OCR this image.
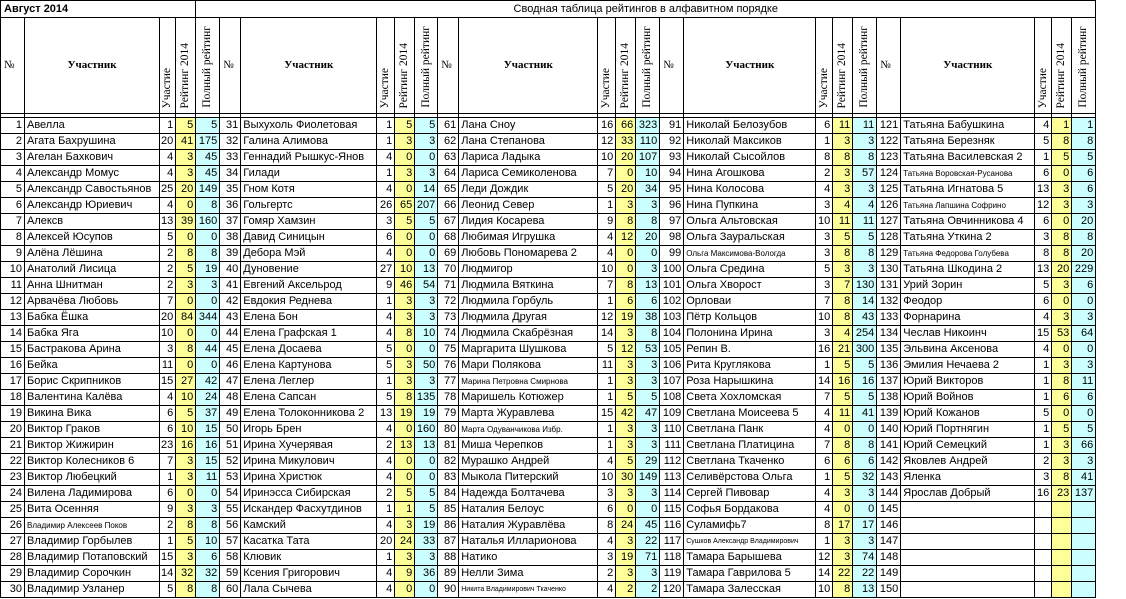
Август 2014				Сводная таблица рейтингов в алфавитном порядке																				
№	Участник	Участие	Рейтинг 2014	Полный рейтинг	№	Участник	Участие	Рейтинг 2014	Полный рейтинг	№	Участник	Участие	Рейтинг 2014	Полный рейтинг	№	Участник	Участие	Рейтинг 2014	Полный рейтинг	№	Участник	Участие	Рейтинг 2014	Полный рейтинг

1	Авелла	1	5	5	31	Выхухоль Фиолетовая	1	5	5	61	Лана Сноу	16	66	323	91	Николай Белозубов	6	11	11	121	Татьяна Бабушкина	4	1	1
2	Агата Бахрушина	20	41	175	32	Галина Алимова	1	3	3	62	Лана Степанова	12	33	110	92	Николай Максиков	1	3	3	122	Татьяна Березняк	5	8	8
3	Агелан Бахкович	4	3	45	33	Геннадий Рышкус-Янов	4	0	0	63	Лариса Ладыка	10	20	107	93	Николай Сысойлов	8	8	8	123	Татьяна Василевская 2	1	5	5
4	Александр Момус	4	3	45	34	Гилади	1	3	3	64	Лариса Семиколенова	7	0	10	94	Нина Агошкова	2	3	57	124	Татьяна Воровская-Русанова	6	0	6
5	Александр Савостьянов	25	20	149	35	Гном Котя	4	0	14	65	Леди Дождик	5	20	34	95	Нина Колосова	4	3	3	125	Татьяна Игнатова 5	13	3	6
6	Александр Юриевич	4	0	8	36	Гольгертс	26	65	207	66	Леонид Север	1	3	3	96	Нина Пупкина	3	4	4	126	Татьяна Лапшина Софрино	12	3	3
7	Алексв	13	39	160	37	Гомяр Хамзин	3	5	5	67	Лидия Косарева	9	8	8	97	Ольга Альтовская	10	11	11	127	Татьяна Овчинникова 4	6	0	20
8	Алексей Юсупов	5	0	0	38	Давид Синицын	6	0	0	68	Любимая Игрушка	4	12	20	98	Ольга Зауральская	3	5	5	128	Татьяна Уткина 2	3	8	8
9	Алёна Лёшина	2	8	8	39	Дебора Мэй	4	0	0	69	Любовь Пономарева 2	4	0	0	99	Ольга Максимова-Вологда	3	8	8	129	Татьяна Федорова Голубева	8	8	20
10	Анатолий Лисица	2	5	19	40	Дуновение	27	10	13	70	Людмигор	10	0	3	100	Ольга Средина	5	3	3	130	Татьяна Шкодина 2	13	20	229
11	Анна Шнитман	2	3	3	41	Евгений Аксельрод	9	46	54	71	Людмила Вяткина	7	8	13	101	Ольга Хворост	3	7	130	131	Урий Зорин	5	3	6
12	Арвачёва Любовь	7	0	0	42	Евдокия Реднева	1	3	3	72	Людмила Горбуль	1	6	6	102	Орловаи	7	8	14	132	Феодор	6	0	0
13	Бабка Ёшка	20	84	344	43	Елена Бон	4	3	3	73	Людмила Другая	12	19	38	103	Пётр Кольцов	10	8	43	133	Форнарина	4	3	3
14	Бабка Яга	10	0	0	44	Елена Графская 1	4	8	10	74	Людмила Скабрёзная	14	3	8	104	Полонина Ирина	3	4	254	134	Чеслав Никоинч	15	53	64
15	Бастракова Арина	3	8	44	45	Елена Досаева	5	0	0	75	Маргарита Шушкова	5	12	53	105	Репин В.	16	21	300	135	Эльвина Аксенова	4	0	0
16	Бейка	11	0	0	46	Елена Картунова	5	3	50	76	Мари Полякова	11	3	3	106	Рита Круглякова	1	5	5	136	Эмилия Нечаева 2	1	3	3
17	Борис Скрипников	15	27	42	47	Елена Леглер	1	3	3	77	Марина Петровна Смирнова	1	3	3	107	Роза Нарышкина	14	16	16	137	Юрий Викторов	1	8	11
18	Валентина Калёва	4	10	24	48	Елена Сапсан	5	8	135	78	Маришель Котюжер	1	5	5	108	Света Хохломская	7	5	5	138	Юрий Войнов	1	6	6
19	Викина Вика	6	5	37	49	Елена Толоконникова 2	13	19	19	79	Марта Журавлева	15	42	47	109	Светлана Моисеева 5	4	11	41	139	Юрий Кожанов	5	0	0
20	Виктор Граков	6	10	15	50	Игорь Брен	4	0	160	80	Марта Одуванчикова Избр.	1	3	3	110	Светлана Панк	4	0	0	140	Юрий Портнягин	1	5	5
21	Виктор Жижирин	23	16	16	51	Ирина Хучерявая	2	13	13	81	Миша Черепков	1	3	3	111	Светлана Платицина	7	8	8	141	Юрий Семецкий	1	3	66
22	Виктор Колесников 6	7	3	15	52	Ирина Микулович	4	0	0	82	Мурашко Андрей	4	5	29	112	Светлана Ткаченко	6	6	6	142	Яковлев Андрей	2	3	3
23	Виктор Любецкий	1	3	11	53	Ирина Христюк	4	0	0	83	Мыкола Питерский	10	30	149	113	Селивёрстова Ольга	1	5	32	143	Яленка	3	8	41
24	Вилена Ладимирова	6	0	0	54	Иринэсса Сибирская	2	5	5	84	Надежда Болтачева	3	3	3	114	Сергей Пивовар	4	3	3	144	Ярослав Добрый	16	23	137
25	Вита Осенняя	9	3	3	55	Искандер Фасхутдинов	1	1	5	85	Наталия Белоус	6	0	0	115	Софья Бордакова	4	0	0	145				
26	Владимир Алексеев Поков	2	8	8	56	Камский	4	3	19	86	Наталия Журавлёва	8	24	45	116	Суламифь7	8	17	17	146				
27	Владимир Горбылев	1	5	10	57	Касатка Тата	20	24	33	87	Наталья Илларионова	4	3	22	117	Сушков Александр Владимирович	1	3	3	147				
28	Владимир Потаповский	15	3	6	58	Клювик	1	3	3	88	Натико	3	19	71	118	Тамара Барышева	12	3	74	148				
29	Владимир Сорочкин	14	32	32	59	Ксения Григорович	4	9	36	89	Нелли Зима	2	3	3	119	Тамара Гаврилова 5	14	22	22	149				
30	Владимир Узланер	5	8	8	60	Лала Сычева	4	0	0	90	Никита Владимирович Ткаченко	4	2	2	120	Тамара Залесская	10	8	13	150				
